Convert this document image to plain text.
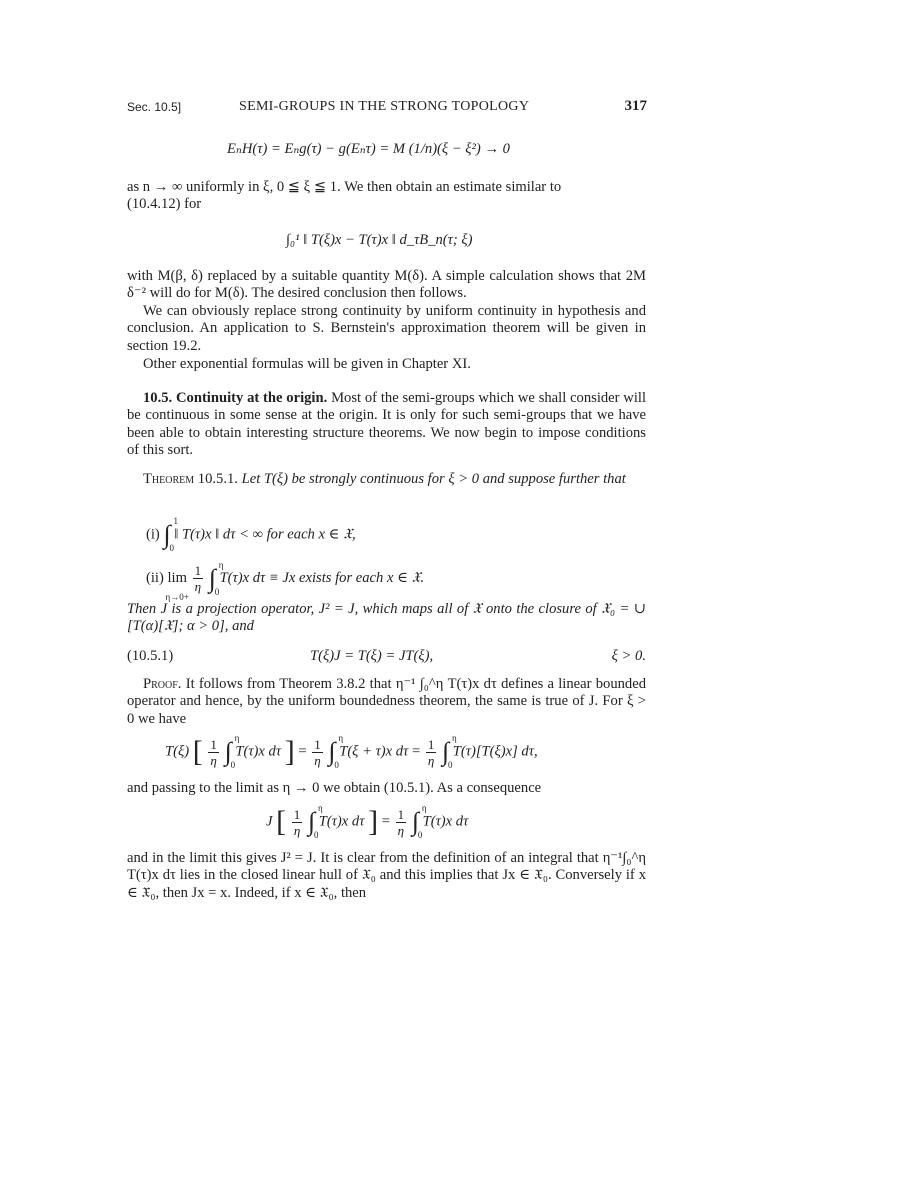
Sec. 10.5]	SEMI-GROUPS IN THE STRONG TOPOLOGY	317
EₙH(τ) = Eₙg(τ) − g(Eₙτ) = M (1/n)(ξ − ξ²) → 0
as n → ∞ uniformly in ξ, 0 ≦ ξ ≦ 1. We then obtain an estimate similar to
(10.4.12) for
∫₀¹ ‖ T(ξ)x − T(τ)x ‖ d_τB_n(τ; ξ)
with M(β, δ) replaced by a suitable quantity M(δ). A simple calculation shows that 2M δ⁻² will do for M(δ). The desired conclusion then follows.
We can obviously replace strong continuity by uniform continuity in hypothesis and conclusion. An application to S. Bernstein's approximation theorem will be given in section 19.2.
Other exponential formulas will be given in Chapter XI.
10.5. Continuity at the origin. Most of the semi-groups which we shall consider will be continuous in some sense at the origin. It is only for such semi-groups that we have been able to obtain interesting structure theorems. We now begin to impose conditions of this sort.
Theorem 10.5.1. Let T(ξ) be strongly continuous for ξ > 0 and suppose further that
(i) ∫ 1
0
‖ T(τ)x ‖ dτ < ∞ for each x ∈ 𝔛,
(ii) lim
η→0+

$\frac{1}{\eta}$ ∫ η
0
T(τ)x dτ ≡ Jx exists for each x ∈ 𝔛.
Then J is a projection operator, J² = J, which maps all of 𝔛 onto the closure of 𝔛₀ = ∪ [T(α)[𝔛]; α > 0], and
(10.5.1)	T(ξ)J = T(ξ) = JT(ξ),	ξ > 0.
Proof. It follows from Theorem 3.8.2 that η⁻¹ ∫₀^η T(τ)x dτ defines a linear bounded operator and hence, by the uniform boundedness theorem, the same is true of J. For ξ > 0 we have
T(ξ) [ $\frac{1}{\eta}$ ∫ η
0
T(τ)x dτ ] = $\frac{1}{\eta}$ ∫ η
0
T(ξ + τ)x $d\tau = \frac{1}{\eta}$ ∫ η
0
T(τ)[T(ξ)x] dτ,
and passing to the limit as η → 0 we obtain (10.5.1). As a consequence
J [ $\frac{1}{\eta}$ ∫ η
0
T(τ)x dτ ] = $\frac{1}{\eta}$ ∫ η
0
T(τ)x dτ
and in the limit this gives J² = J. It is clear from the definition of an integral that η⁻¹∫₀^η T(τ)x dτ lies in the closed linear hull of 𝔛₀ and this implies that Jx ∈ 𝔛̄₀. Conversely if x ∈ 𝔛̄₀, then Jx = x. Indeed, if x ∈ 𝔛₀, then
